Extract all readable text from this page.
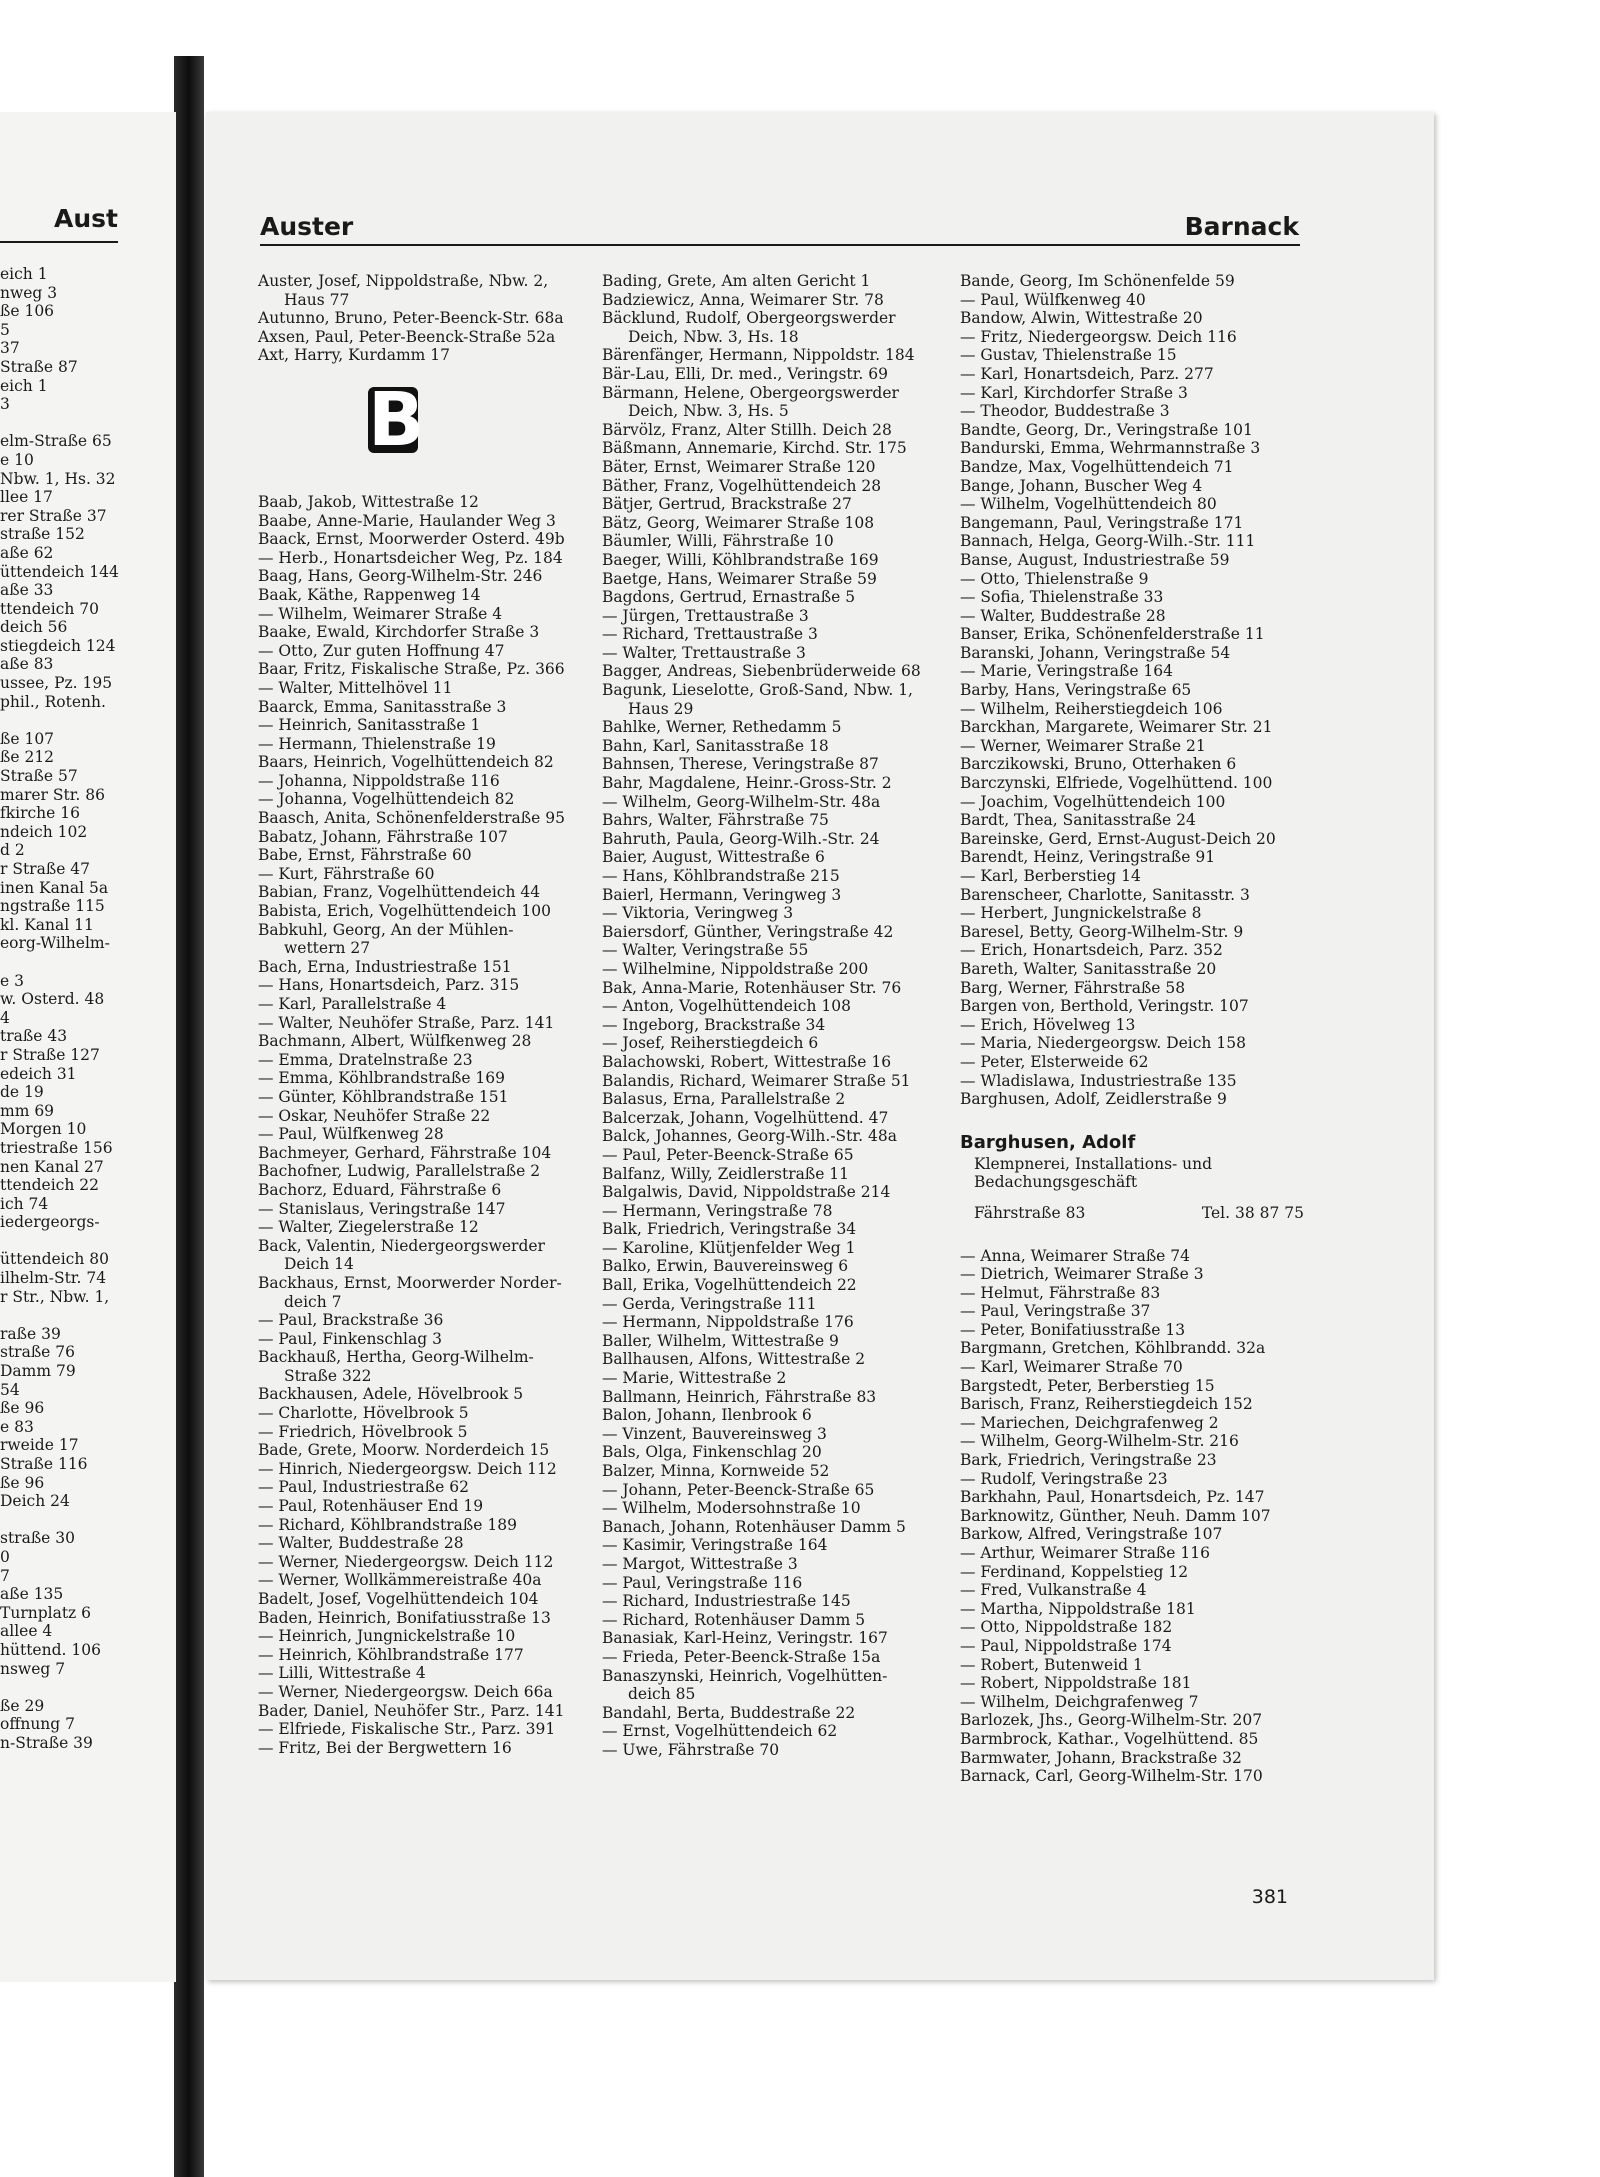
Aust
eich 1
nweg 3
ße 106
5
37
Straße 87
eich 1
3

elm-Straße 65
e 10
Nbw. 1, Hs. 32
llee 17
rer Straße 37
straße 152
aße 62
üttendeich 144
aße 33
ttendeich 70
deich 56
stiegdeich 124
aße 83
ussee, Pz. 195
phil., Rotenh.

ße 107
ße 212
Straße 57
marer Str. 86
fkirche 16
ndeich 102
d 2
r Straße 47
inen Kanal 5a
ngstraße 115
kl. Kanal 11
eorg-Wilhelm-

e 3
w. Osterd. 48
4
traße 43
r Straße 127
edeich 31
de 19
mm 69
Morgen 10
triestraße 156
nen Kanal 27
ttendeich 22
ich 74
iedergeorgs-

üttendeich 80
ilhelm-Str. 74
r Str., Nbw. 1,

raße 39
straße 76
Damm 79
54
ße 96
e 83
rweide 17
Straße 116
ße 96
Deich 24

straße 30
0
7
aße 135
Turnplatz 6
allee 4
hüttend. 106
nsweg 7

ße 29
offnung 7
n-Straße 39
Auster	Barnack
Auster, Josef, Nippoldstraße, Nbw. 2,
Haus 77
Autunno, Bruno, Peter-Beenck-Str. 68a
Axsen, Paul, Peter-Beenck-Straße 52a
Axt, Harry, Kurdamm 17
B
Baab, Jakob, Wittestraße 12
Baabe, Anne-Marie, Haulander Weg 3
Baack, Ernst, Moorwerder Osterd. 49b
— Herb., Honartsdeicher Weg, Pz. 184
Baag, Hans, Georg-Wilhelm-Str. 246
Baak, Käthe, Rappenweg 14
— Wilhelm, Weimarer Straße 4
Baake, Ewald, Kirchdorfer Straße 3
— Otto, Zur guten Hoffnung 47
Baar, Fritz, Fiskalische Straße, Pz. 366
— Walter, Mittelhövel 11
Baarck, Emma, Sanitasstraße 3
— Heinrich, Sanitasstraße 1
— Hermann, Thielenstraße 19
Baars, Heinrich, Vogelhüttendeich 82
— Johanna, Nippoldstraße 116
— Johanna, Vogelhüttendeich 82
Baasch, Anita, Schönenfelderstraße 95
Babatz, Johann, Fährstraße 107
Babe, Ernst, Fährstraße 60
— Kurt, Fährstraße 60
Babian, Franz, Vogelhüttendeich 44
Babista, Erich, Vogelhüttendeich 100
Babkuhl, Georg, An der Mühlen-
wettern 27
Bach, Erna, Industriestraße 151
— Hans, Honartsdeich, Parz. 315
— Karl, Parallelstraße 4
— Walter, Neuhöfer Straße, Parz. 141
Bachmann, Albert, Wülfkenweg 28
— Emma, Dratelnstraße 23
— Emma, Köhlbrandstraße 169
— Günter, Köhlbrandstraße 151
— Oskar, Neuhöfer Straße 22
— Paul, Wülfkenweg 28
Bachmeyer, Gerhard, Fährstraße 104
Bachofner, Ludwig, Parallelstraße 2
Bachorz, Eduard, Fährstraße 6
— Stanislaus, Veringstraße 147
— Walter, Ziegelerstraße 12
Back, Valentin, Niedergeorgswerder
Deich 14
Backhaus, Ernst, Moorwerder Norder-
deich 7
— Paul, Brackstraße 36
— Paul, Finkenschlag 3
Backhauß, Hertha, Georg-Wilhelm-
Straße 322
Backhausen, Adele, Hövelbrook 5
— Charlotte, Hövelbrook 5
— Friedrich, Hövelbrook 5
Bade, Grete, Moorw. Norderdeich 15
— Hinrich, Niedergeorgsw. Deich 112
— Paul, Industriestraße 62
— Paul, Rotenhäuser End 19
— Richard, Köhlbrandstraße 189
— Walter, Buddestraße 28
— Werner, Niedergeorgsw. Deich 112
— Werner, Wollkämmereistraße 40a
Badelt, Josef, Vogelhüttendeich 104
Baden, Heinrich, Bonifatiusstraße 13
— Heinrich, Jungnickelstraße 10
— Heinrich, Köhlbrandstraße 177
— Lilli, Wittestraße 4
— Werner, Niedergeorgsw. Deich 66a
Bader, Daniel, Neuhöfer Str., Parz. 141
— Elfriede, Fiskalische Str., Parz. 391
— Fritz, Bei der Bergwettern 16
Bading, Grete, Am alten Gericht 1
Badziewicz, Anna, Weimarer Str. 78
Bäcklund, Rudolf, Obergeorgswerder
Deich, Nbw. 3, Hs. 18
Bärenfänger, Hermann, Nippoldstr. 184
Bär-Lau, Elli, Dr. med., Veringstr. 69
Bärmann, Helene, Obergeorgswerder
Deich, Nbw. 3, Hs. 5
Bärvölz, Franz, Alter Stillh. Deich 28
Bäßmann, Annemarie, Kirchd. Str. 175
Bäter, Ernst, Weimarer Straße 120
Bäther, Franz, Vogelhüttendeich 28
Bätjer, Gertrud, Brackstraße 27
Bätz, Georg, Weimarer Straße 108
Bäumler, Willi, Fährstraße 10
Baeger, Willi, Köhlbrandstraße 169
Baetge, Hans, Weimarer Straße 59
Bagdons, Gertrud, Ernastraße 5
— Jürgen, Trettaustraße 3
— Richard, Trettaustraße 3
— Walter, Trettaustraße 3
Bagger, Andreas, Siebenbrüderweide 68
Bagunk, Lieselotte, Groß-Sand, Nbw. 1,
Haus 29
Bahlke, Werner, Rethedamm 5
Bahn, Karl, Sanitasstraße 18
Bahnsen, Therese, Veringstraße 87
Bahr, Magdalene, Heinr.-Gross-Str. 2
— Wilhelm, Georg-Wilhelm-Str. 48a
Bahrs, Walter, Fährstraße 75
Bahruth, Paula, Georg-Wilh.-Str. 24
Baier, August, Wittestraße 6
— Hans, Köhlbrandstraße 215
Baierl, Hermann, Veringweg 3
— Viktoria, Veringweg 3
Baiersdorf, Günther, Veringstraße 42
— Walter, Veringstraße 55
— Wilhelmine, Nippoldstraße 200
Bak, Anna-Marie, Rotenhäuser Str. 76
— Anton, Vogelhüttendeich 108
— Ingeborg, Brackstraße 34
— Josef, Reiherstiegdeich 6
Balachowski, Robert, Wittestraße 16
Balandis, Richard, Weimarer Straße 51
Balasus, Erna, Parallelstraße 2
Balcerzak, Johann, Vogelhüttend. 47
Balck, Johannes, Georg-Wilh.-Str. 48a
— Paul, Peter-Beenck-Straße 65
Balfanz, Willy, Zeidlerstraße 11
Balgalwis, David, Nippoldstraße 214
— Hermann, Veringstraße 78
Balk, Friedrich, Veringstraße 34
— Karoline, Klütjenfelder Weg 1
Balko, Erwin, Bauvereinsweg 6
Ball, Erika, Vogelhüttendeich 22
— Gerda, Veringstraße 111
— Hermann, Nippoldstraße 176
Baller, Wilhelm, Wittestraße 9
Ballhausen, Alfons, Wittestraße 2
— Marie, Wittestraße 2
Ballmann, Heinrich, Fährstraße 83
Balon, Johann, Ilenbrook 6
— Vinzent, Bauvereinsweg 3
Bals, Olga, Finkenschlag 20
Balzer, Minna, Kornweide 52
— Johann, Peter-Beenck-Straße 65
— Wilhelm, Modersohnstraße 10
Banach, Johann, Rotenhäuser Damm 5
— Kasimir, Veringstraße 164
— Margot, Wittestraße 3
— Paul, Veringstraße 116
— Richard, Industriestraße 145
— Richard, Rotenhäuser Damm 5
Banasiak, Karl-Heinz, Veringstr. 167
— Frieda, Peter-Beenck-Straße 15a
Banaszynski, Heinrich, Vogelhütten-
deich 85
Bandahl, Berta, Buddestraße 22
— Ernst, Vogelhüttendeich 62
— Uwe, Fährstraße 70
Bande, Georg, Im Schönenfelde 59
— Paul, Wülfkenweg 40
Bandow, Alwin, Wittestraße 20
— Fritz, Niedergeorgsw. Deich 116
— Gustav, Thielenstraße 15
— Karl, Honartsdeich, Parz. 277
— Karl, Kirchdorfer Straße 3
— Theodor, Buddestraße 3
Bandte, Georg, Dr., Veringstraße 101
Bandurski, Emma, Wehrmannstraße 3
Bandze, Max, Vogelhüttendeich 71
Bange, Johann, Buscher Weg 4
— Wilhelm, Vogelhüttendeich 80
Bangemann, Paul, Veringstraße 171
Bannach, Helga, Georg-Wilh.-Str. 111
Banse, August, Industriestraße 59
— Otto, Thielenstraße 9
— Sofia, Thielenstraße 33
— Walter, Buddestraße 28
Banser, Erika, Schönenfelderstraße 11
Baranski, Johann, Veringstraße 54
— Marie, Veringstraße 164
Barby, Hans, Veringstraße 65
— Wilhelm, Reiherstiegdeich 106
Barckhan, Margarete, Weimarer Str. 21
— Werner, Weimarer Straße 21
Barczikowski, Bruno, Otterhaken 6
Barczynski, Elfriede, Vogelhüttend. 100
— Joachim, Vogelhüttendeich 100
Bardt, Thea, Sanitasstraße 24
Bareinske, Gerd, Ernst-August-Deich 20
Barendt, Heinz, Veringstraße 91
— Karl, Berberstieg 14
Barenscheer, Charlotte, Sanitasstr. 3
— Herbert, Jungnickelstraße 8
Baresel, Betty, Georg-Wilhelm-Str. 9
— Erich, Honartsdeich, Parz. 352
Bareth, Walter, Sanitasstraße 20
Barg, Werner, Fährstraße 58
Bargen von, Berthold, Veringstr. 107
— Erich, Hövelweg 13
— Maria, Niedergeorgsw. Deich 158
— Peter, Elsterweide 62
— Wladislawa, Industriestraße 135
Barghusen, Adolf, Zeidlerstraße 9
Barghusen, Adolf
Klempnerei, Installations- und
Bedachungsgeschäft
Fährstraße 83	Tel. 38 87 75
— Anna, Weimarer Straße 74
— Dietrich, Weimarer Straße 3
— Helmut, Fährstraße 83
— Paul, Veringstraße 37
— Peter, Bonifatiusstraße 13
Bargmann, Gretchen, Köhlbrandd. 32a
— Karl, Weimarer Straße 70
Bargstedt, Peter, Berberstieg 15
Barisch, Franz, Reiherstiegdeich 152
— Mariechen, Deichgrafenweg 2
— Wilhelm, Georg-Wilhelm-Str. 216
Bark, Friedrich, Veringstraße 23
— Rudolf, Veringstraße 23
Barkhahn, Paul, Honartsdeich, Pz. 147
Barknowitz, Günther, Neuh. Damm 107
Barkow, Alfred, Veringstraße 107
— Arthur, Weimarer Straße 116
— Ferdinand, Koppelstieg 12
— Fred, Vulkanstraße 4
— Martha, Nippoldstraße 181
— Otto, Nippoldstraße 182
— Paul, Nippoldstraße 174
— Robert, Butenweid 1
— Robert, Nippoldstraße 181
— Wilhelm, Deichgrafenweg 7
Barlozek, Jhs., Georg-Wilhelm-Str. 207
Barmbrock, Kathar., Vogelhüttend. 85
Barmwater, Johann, Brackstraße 32
Barnack, Carl, Georg-Wilhelm-Str. 170
381
